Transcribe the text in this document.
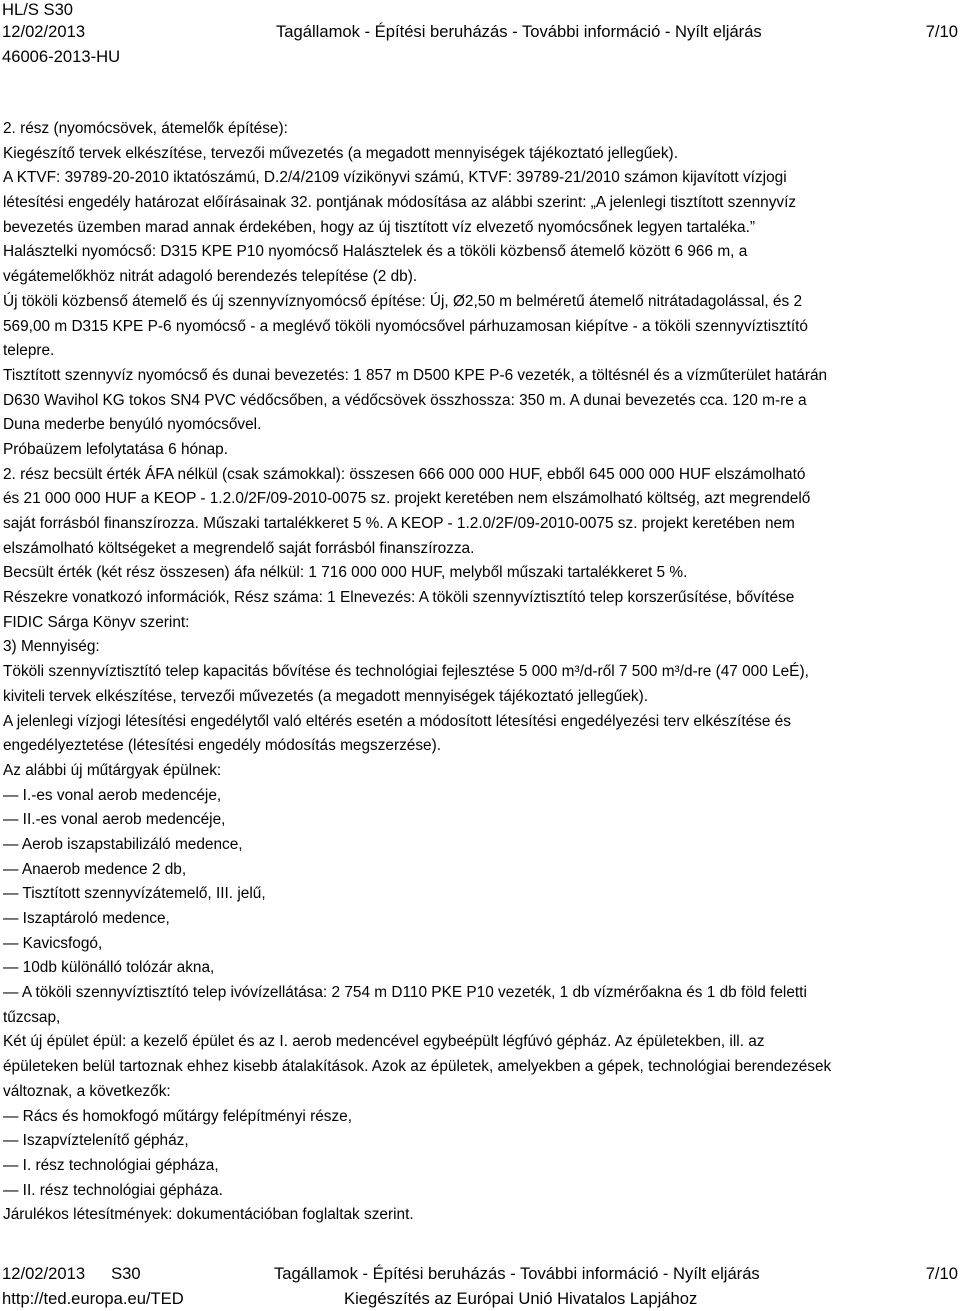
HL/S S30
12/02/2013	Tagállamok - Építési beruházás - További információ - Nyílt eljárás	7/10
46006-2013-HU
2. rész (nyomócsövek, átemelők építése):
Kiegészítő tervek elkészítése, tervezői művezetés (a megadott mennyiségek tájékoztató jellegűek).
A KTVF: 39789-20-2010 iktatószámú, D.2/4/2109 vízikönyvi számú, KTVF: 39789-21/2010 számon kijavított vízjogi
létesítési engedély határozat előírásainak 32. pontjának módosítása az alábbi szerint: „A jelenlegi tisztított szennyvíz
bevezetés üzemben marad annak érdekében, hogy az új tisztított víz elvezető nyomócsőnek legyen tartaléka.”
Halásztelki nyomócső: D315 KPE P10 nyomócső Halásztelek és a tököli közbenső átemelő között 6 966 m, a
végátemelőkhöz nitrát adagoló berendezés telepítése (2 db).
Új tököli közbenső átemelő és új szennyvíznyomócső építése: Új, Ø2,50 m belméretű átemelő nitrátadagolással, és 2
569,00 m D315 KPE P-6 nyomócső - a meglévő tököli nyomócsővel párhuzamosan kiépítve - a tököli szennyvíztisztító
telepre.
Tisztított szennyvíz nyomócső és dunai bevezetés: 1 857 m D500 KPE P-6 vezeték, a töltésnél és a vízműterület határán
D630 Wavihol KG tokos SN4 PVC védőcsőben, a védőcsövek összhossza: 350 m. A dunai bevezetés cca. 120 m-re a
Duna mederbe benyúló nyomócsővel.
Próbaüzem lefolytatása 6 hónap.
2. rész becsült érték ÁFA nélkül (csak számokkal): összesen 666 000 000 HUF, ebből 645 000 000 HUF elszámolható
és 21 000 000 HUF a KEOP - 1.2.0/2F/09-2010-0075 sz. projekt keretében nem elszámolható költség, azt megrendelő
saját forrásból finanszírozza. Műszaki tartalékkeret 5 %. A KEOP - 1.2.0/2F/09-2010-0075 sz. projekt keretében nem
elszámolható költségeket a megrendelő saját forrásból finanszírozza.
Becsült érték (két rész összesen) áfa nélkül: 1 716 000 000 HUF, melyből műszaki tartalékkeret 5 %.
Részekre vonatkozó információk, Rész száma: 1 Elnevezés: A tököli szennyvíztisztító telep korszerűsítése, bővítése
FIDIC Sárga Könyv szerint:
3) Mennyiség:
Tököli szennyvíztisztító telep kapacitás bővítése és technológiai fejlesztése 5 000 m³/d-ről 7 500 m³/d-re (47 000 LeÉ),
kiviteli tervek elkészítése, tervezői művezetés (a megadott mennyiségek tájékoztató jellegűek).
A jelenlegi vízjogi létesítési engedélytől való eltérés esetén a módosított létesítési engedélyezési terv elkészítése és
engedélyeztetése (létesítési engedély módosítás megszerzése).
Az alábbi új műtárgyak épülnek:
— I.-es vonal aerob medencéje,
— II.-es vonal aerob medencéje,
— Aerob iszapstabilizáló medence,
— Anaerob medence 2 db,
— Tisztított szennyvízátemelő, III. jelű,
— Iszaptároló medence,
— Kavicsfogó,
— 10db különálló tolózár akna,
— A tököli szennyvíztisztító telep ivóvízellátása: 2 754 m D110 PKE P10 vezeték, 1 db vízmérőakna és 1 db föld feletti
tűzcsap,
Két új épület épül: a kezelő épület és az I. aerob medencével egybeépült légfúvó gépház. Az épületekben, ill. az
épületeken belül tartoznak ehhez kisebb átalakítások. Azok az épületek, amelyekben a gépek, technológiai berendezések
változnak, a következők:
— Rács és homokfogó műtárgy felépítményi része,
— Iszapvíztelenítő gépház,
— I. rész technológiai gépháza,
— II. rész technológiai gépháza.
Járulékos létesítmények: dokumentációban foglaltak szerint.
12/02/2013 S30	Tagállamok - Építési beruházás - További információ - Nyílt eljárás	7/10
http://ted.europa.eu/TED	Kiegészítés az Európai Unió Hivatalos Lapjához
